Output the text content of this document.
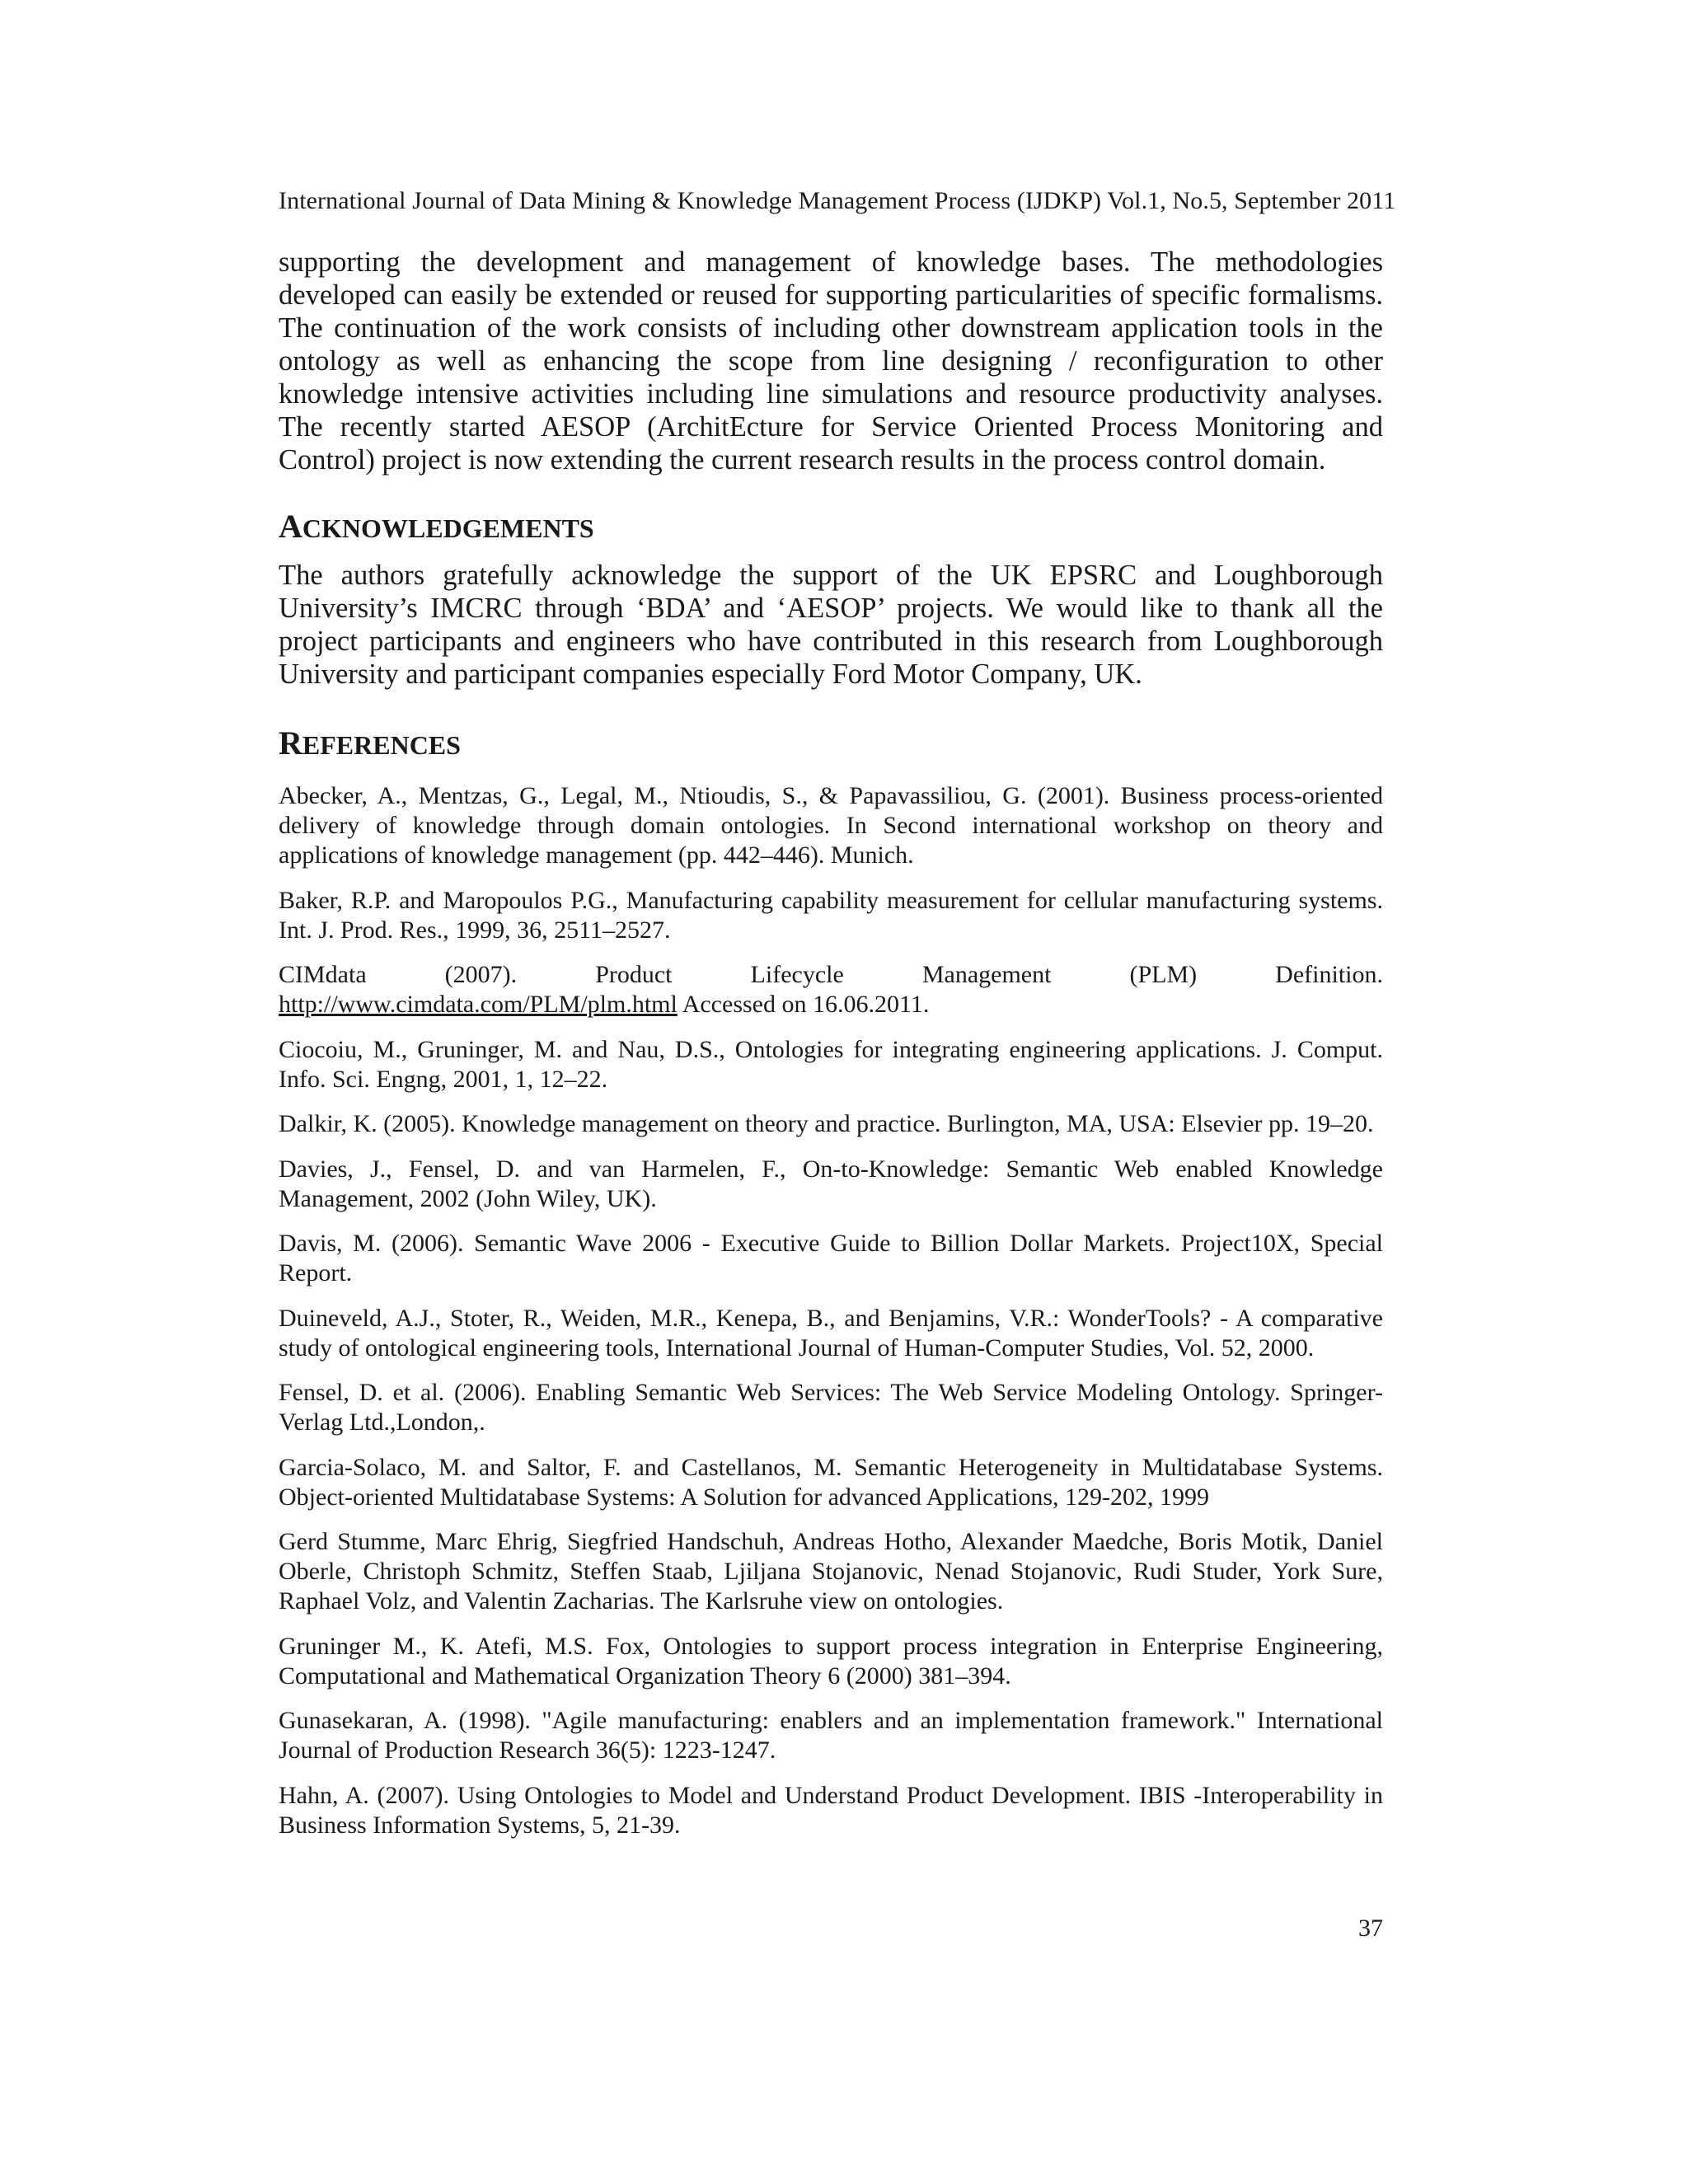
International Journal of Data Mining & Knowledge Management Process (IJDKP) Vol.1, No.5, September 2011

supporting the development and management of knowledge bases. The methodologies developed can easily be extended or reused for supporting particularities of specific formalisms. The continuation of the work consists of including other downstream application tools in the ontology as well as enhancing the scope from line designing / reconfiguration to other knowledge intensive activities including line simulations and resource productivity analyses. The recently started AESOP (ArchitEcture for Service Oriented Process Monitoring and Control) project is now extending the current research results in the process control domain.

ACKNOWLEDGEMENTS

The authors gratefully acknowledge the support of the UK EPSRC and Loughborough University’s IMCRC through ‘BDA’ and ‘AESOP’ projects. We would like to thank all the project participants and engineers who have contributed in this research from Loughborough University and participant companies especially Ford Motor Company, UK.

REFERENCES
Abecker, A., Mentzas, G., Legal, M., Ntioudis, S., & Papavassiliou, G. (2001). Business process-oriented delivery of knowledge through domain ontologies. In Second international workshop on theory and applications of knowledge management (pp. 442–446). Munich.
Baker, R.P. and Maropoulos P.G., Manufacturing capability measurement for cellular manufacturing systems. Int. J. Prod. Res., 1999, 36, 2511–2527.
CIMdata	(2007).	Product	Lifecycle	Management	(PLM)	Definition.
http://www.cimdata.com/PLM/plm.html Accessed on 16.06.2011.
Ciocoiu, M., Gruninger, M. and Nau, D.S., Ontologies for integrating engineering applications. J. Comput. Info. Sci. Engng, 2001, 1, 12–22.
Dalkir, K. (2005). Knowledge management on theory and practice. Burlington, MA, USA: Elsevier pp. 19–20.
Davies, J., Fensel, D. and van Harmelen, F., On-to-Knowledge: Semantic Web enabled Knowledge Management, 2002 (John Wiley, UK).
Davis, M. (2006). Semantic Wave 2006 - Executive Guide to Billion Dollar Markets. Project10X, Special Report.
Duineveld, A.J., Stoter, R., Weiden, M.R., Kenepa, B., and Benjamins, V.R.: WonderTools? - A comparative study of ontological engineering tools, International Journal of Human-Computer Studies, Vol. 52, 2000.
Fensel, D. et al. (2006). Enabling Semantic Web Services: The Web Service Modeling Ontology. Springer-Verlag Ltd.,London,.
Garcia-Solaco, M. and Saltor, F. and Castellanos, M. Semantic Heterogeneity in Multidatabase Systems. Object-oriented Multidatabase Systems: A Solution for advanced Applications, 129-202, 1999
Gerd Stumme, Marc Ehrig, Siegfried Handschuh, Andreas Hotho, Alexander Maedche, Boris Motik, Daniel Oberle, Christoph Schmitz, Steffen Staab, Ljiljana Stojanovic, Nenad Stojanovic, Rudi Studer, York Sure, Raphael Volz, and Valentin Zacharias. The Karlsruhe view on ontologies.
Gruninger M., K. Atefi, M.S. Fox, Ontologies to support process integration in Enterprise Engineering, Computational and Mathematical Organization Theory 6 (2000) 381–394.
Gunasekaran, A. (1998). "Agile manufacturing: enablers and an implementation framework." International Journal of Production Research 36(5): 1223-1247.
Hahn, A. (2007). Using Ontologies to Model and Understand Product Development. IBIS -Interoperability in Business Information Systems, 5, 21-39.
37
